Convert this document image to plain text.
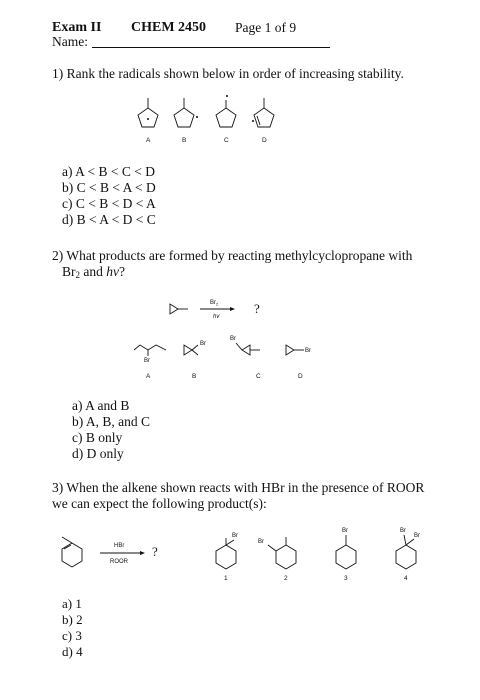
Exam II CHEM 2450 Page 1 of 9
Name:
1) Rank the radicals shown below in order of increasing stability.
A	B	C	D
a) A < B < C < D
b) C < B < A < D
c) C < B < D < A
d) B < A < D < C
2) What products are formed by reacting methylcyclopropane with
$Br_2$ and hv?
$Br_2$
hv
?
Br
Br
Br
Br
A	B	C	D
a) A and B
b) A, B, and C
c) B only
d) D only
3) When the alkene shown reacts with HBr in the presence of ROOR
we can expect the following product(s):
HBr
ROOR
?
Br
Br
Br	Br
Br
1	2	3	4
a) 1
b) 2
c) 3
d) 4
